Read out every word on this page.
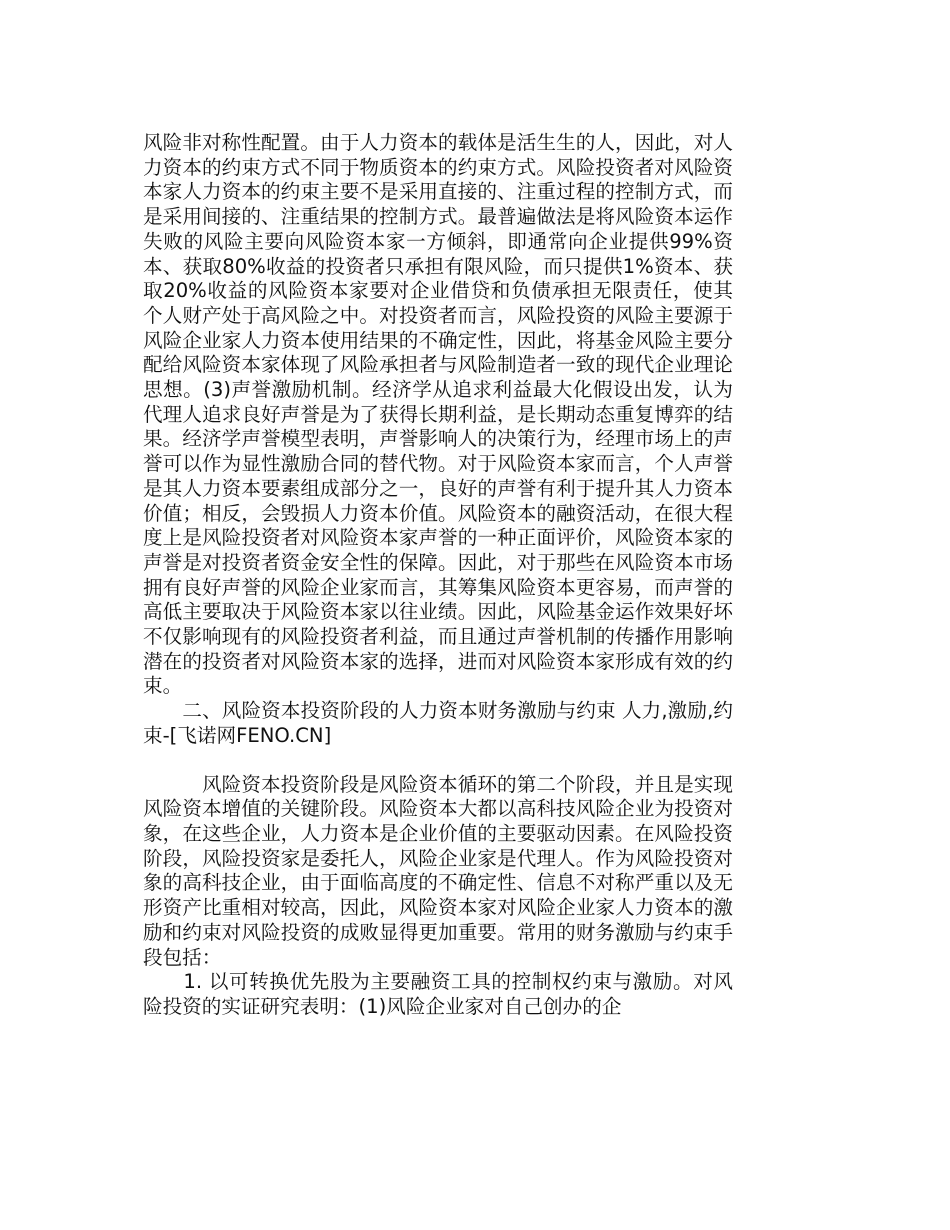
风险非对称性配置。由于人力资本的载体是活生生的人，因此，对人力资本的约束方式不同于物质资本的约束方式。风险投资者对风险资本家人力资本的约束主要不是采用直接的、注重过程的控制方式，而是采用间接的、注重结果的控制方式。最普遍做法是将风险资本运作失败的风险主要向风险资本家一方倾斜，即通常向企业提供99%资本、获取80%收益的投资者只承担有限风险，而只提供1%资本、获取20%收益的风险资本家要对企业借贷和负债承担无限责任，使其个人财产处于高风险之中。对投资者而言，风险投资的风险主要源于风险企业家人力资本使用结果的不确定性，因此，将基金风险主要分配给风险资本家体现了风险承担者与风险制造者一致的现代企业理论思想。(3)声誉激励机制。经济学从追求利益最大化假设出发，认为代理人追求良好声誉是为了获得长期利益，是长期动态重复博弈的结果。经济学声誉模型表明，声誉影响人的决策行为，经理市场上的声誉可以作为显性激励合同的替代物。对于风险资本家而言，个人声誉是其人力资本要素组成部分之一，良好的声誉有利于提升其人力资本价值；相反，会毁损人力资本价值。风险资本的融资活动，在很大程度上是风险投资者对风险资本家声誉的一种正面评价，风险资本家的声誉是对投资者资金安全性的保障。因此，对于那些在风险资本市场拥有良好声誉的风险企业家而言，其筹集风险资本更容易，而声誉的高低主要取决于风险资本家以往业绩。因此，风险基金运作效果好坏不仅影响现有的风险投资者利益，而且通过声誉机制的传播作用影响潜在的投资者对风险资本家的选择，进而对风险资本家形成有效的约束。

　　二、风险资本投资阶段的人力资本财务激励与约束 人力,激励,约束-[飞诺网FENO.CN]

　　　风险资本投资阶段是风险资本循环的第二个阶段，并且是实现风险资本增值的关键阶段。风险资本大都以高科技风险企业为投资对象，在这些企业，人力资本是企业价值的主要驱动因素。在风险投资阶段，风险投资家是委托人，风险企业家是代理人。作为风险投资对象的高科技企业，由于面临高度的不确定性、信息不对称严重以及无形资产比重相对较高，因此，风险资本家对风险企业家人力资本的激励和约束对风险投资的成败显得更加重要。常用的财务激励与约束手段包括：

　　1. 以可转换优先股为主要融资工具的控制权约束与激励。对风险投资的实证研究表明：(1)风险企业家对自己创办的企
